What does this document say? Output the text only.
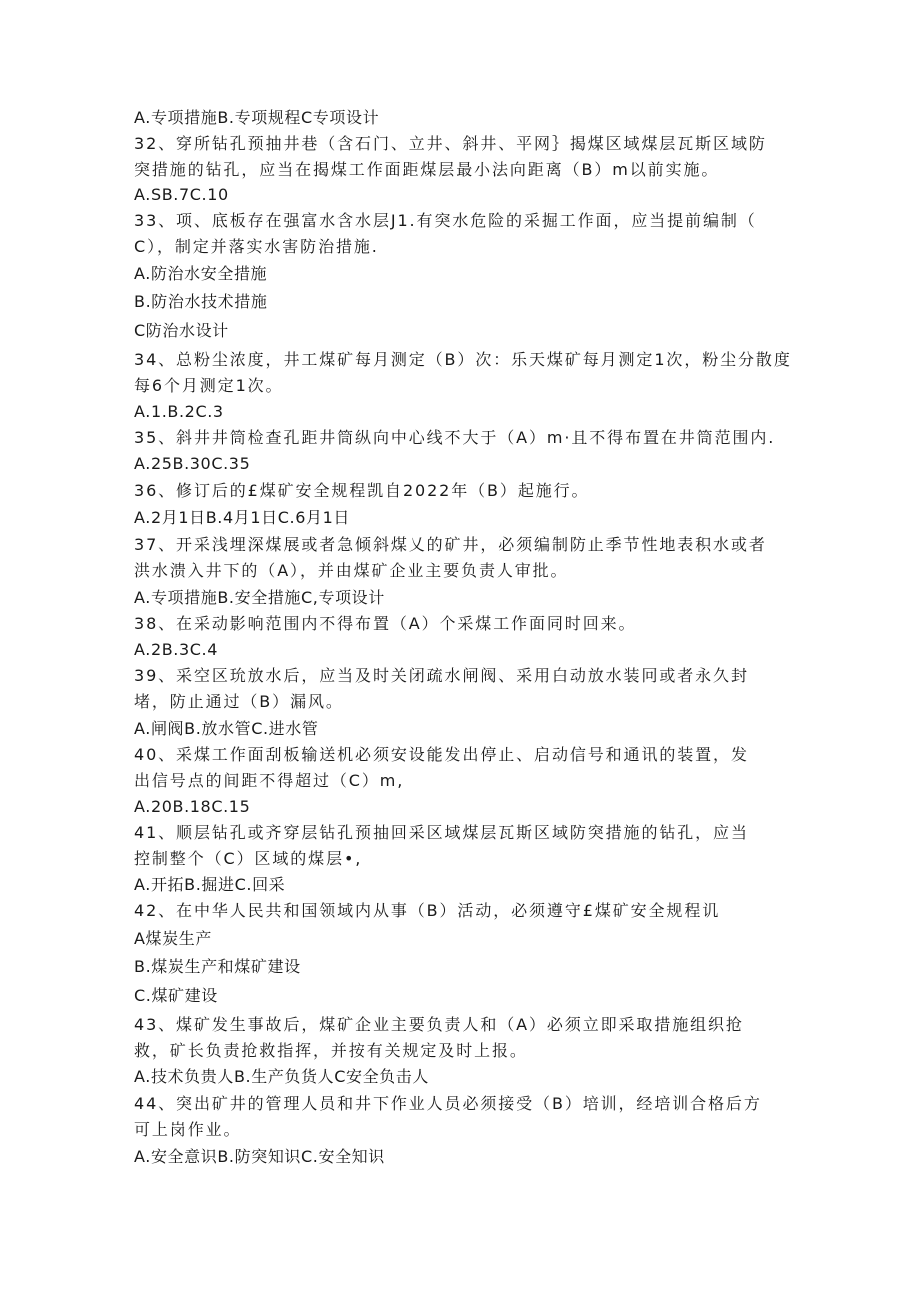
A.专项措施B.专项规程C专项设计
32、穿所钻孔预抽井巷（含石门、立井、斜井、平网｝揭煤区域煤层瓦斯区域防
突措施的钻孔，应当在揭煤工作面距煤层最小法向距离（B）m以前实施。
A.SB.7C.10
33、项、底板存在强富水含水层J1.有突水危险的采掘工作面，应当提前编制（
C），制定并落实水害防治措施.
A.防治水安全措施
B.防治水技术措施
C防治水设计
34、总粉尘浓度，井工煤矿每月测定（B）次：乐天煤矿每月测定1次，粉尘分散度
每6个月测定1次。
A.1.B.2C.3
35、斜井井筒检查孔距井筒纵向中心线不大于（A）m·且不得布置在井筒范围内.
A.25B.30C.35
36、修订后的£煤矿安全规程凯自2022年（B）起施行。
A.2月1日B.4月1日C.6月1日
37、开采浅埋深煤展或者急倾斜煤乂的矿井，必须编制防止季节性地表积水或者
洪水溃入井下的（A），并由煤矿企业主要负责人审批。
A.专项措施B.安全措施C,专项设计
38、在采动影响范围内不得布置（A）个采煤工作面同时回来。
A.2B.3C.4
39、采空区玧放水后，应当及时关闭疏水闸阀、采用白动放水装冋或者永久封
堵，防止通过（B）漏风。
A.闸阀B.放水管C.进水管
40、采煤工作面刮板输送机必须安设能发出停止、启动信号和通讯的装置，发
出信号点的间距不得超过（C）m,
A.20B.18C.15
41、顺层钻孔或齐穿层钻孔预抽回采区域煤层瓦斯区域防突措施的钻孔，应当
控制整个（C）区域的煤层•,
A.开拓B.掘进C.回采
42、在中华人民共和国领域内从事（B）活动，必须遵守£煤矿安全规程讥
A煤炭生产
B.煤炭生产和煤矿建设
C.煤矿建设
43、煤矿发生事故后，煤矿企业主要负责人和（A）必须立即采取措施组织抢
救，矿长负责抢救指挥，并按有关规定及时上报。
A.技术负贵人B.生产负货人C安全负击人
44、突出矿井的管理人员和井下作业人员必须接受（B）培训，经培训合格后方
可上岗作业。
A.安全意识B.防突知识C.安全知识
